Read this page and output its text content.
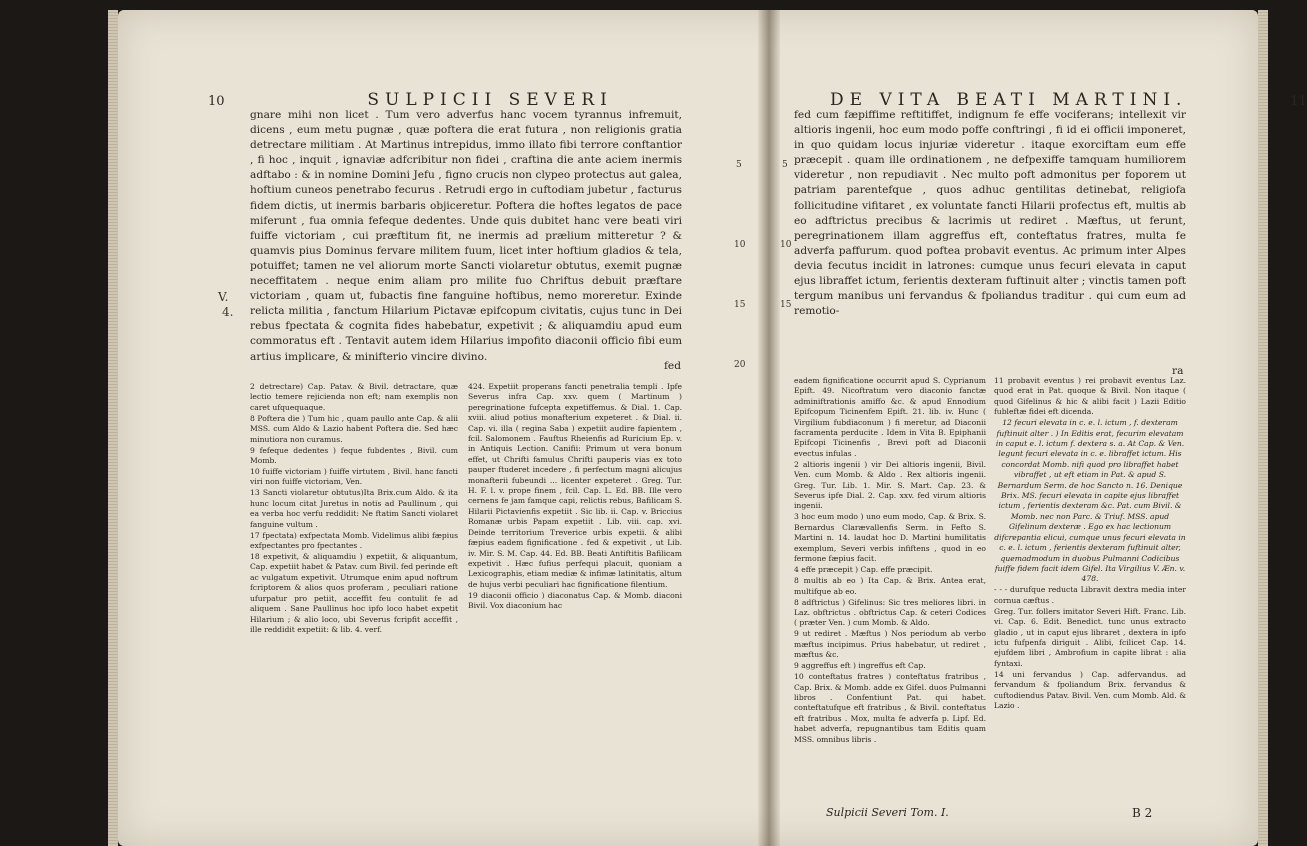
10	SULPICII SEVERI

gnare mihi non licet . Tum vero adverfus hanc vocem tyrannus infremuit, dicens , eum metu pugnæ , quæ poftera die erat futura , non religionis gratia detrectare militiam . At Martinus intrepidus, immo illato fibi terrore conftantior , fi hoc , inquit , ignaviæ adfcribitur non fidei , craftina die ante aciem inermis adftabo : & in nomine Domini Jefu , figno crucis non clypeo protectus aut galea, hoftium cuneos penetrabo fecurus . Retrudi ergo in cuftodiam jubetur , facturus fidem dictis, ut inermis barbaris objiceretur. Poftera die hoftes legatos de pace miferunt , fua omnia fefeque dedentes. Unde quis dubitet hanc vere beati viri fuiffe victoriam , cui præftitum fit, ne inermis ad prælium mitteretur ? & quamvis pius Dominus fervare militem fuum, licet inter hoftium gladios & tela, potuiffet; tamen ne vel aliorum morte Sancti violaretur obtutus, exemit pugnæ neceffitatem . neque enim aliam pro milite fuo Chriftus debuit præftare victoriam , quam ut, fubactis fine fanguine hoftibus, nemo moreretur. Exinde relicta militia , fanctum Hilarium Pictavæ epifcopum civitatis, cujus tunc in Dei rebus fpectata & cognita fides habebatur, expetivit ; & aliquamdiu apud eum commoratus eft . Tentavit autem idem Hilarius impofito diaconii officio fibi eum artius implicare, & minifterio vincire divino.

fed
V.
4.
5
10
15
20

2 detrectare) Cap. Patav. & Bivil. detractare, quæ lectio temere rejicienda non eft; nam exemplis non caret ufquequaque.

8 Poftera die ) Tum hic , quam paullo ante Cap. & alii MSS. cum Aldo & Lazio habent Poftera die. Sed hæc minutiora non curamus.

9 fefeque dedentes ) feque fubdentes , Bivil. cum Momb.

10 fuiffe victoriam ) fuiffe virtutem , Bivil. hanc fancti viri non fuiffe victoriam, Ven.

13 Sancti violaretur obtutus)Ita Brix.cum Aldo. & ita hunc locum citat Juretus in notis ad Paullinum , qui ea verba hoc verfu reddidit: Ne ftatim Sancti violaret fanguine vultum .

17 fpectata) exfpectata Momb. Videlimus alibi fæpius exfpectantes pro fpectantes .

18 expetivit, & aliquamdiu ) expetiit, & aliquantum, Cap. expetiit habet & Patav. cum Bivil. fed perinde eft ac vulgatum expetivit. Utrumque enim apud noftrum fcriptorem & alios quos proferam , peculiari ratione ufurpatur pro petiit, acceffit feu contulit fe ad aliquem . Sane Paullinus hoc ipfo loco habet expetit Hilarium ; & alio loco, ubi Severus fcripfit acceffit , ille reddidit expetiit: & lib. 4. verf.

424. Expetiit properans fancti penetralia templi . Ipfe Severus infra Cap. xxv. quem ( Martinum ) peregrinatione fufcepta expetiffemus. & Dial. 1. Cap. xviii. aliud potius monafterium expeteret . & Dial. ii. Cap. vi. illa ( regina Saba ) expetiit audire fapientem , fcil. Salomonem . Fauftus Rheienfis ad Ruricium Ep. v. in Antiquis Lection. Canifii: Primum ut vera bonum effet, ut Chrifti famulus Chrifti pauperis vias ex toto pauper ftuderet incedere , fi perfectum magni alicujus monafterii fubeundi ... licenter expeteret . Greg. Tur. H. F. l. v. prope finem , fcil. Cap. L. Ed. BB. Ille vero cernens fe jam famque capi, relictis rebus, Bafilicam S. Hilarii Pictavienfis expetiit . Sic lib. ii. Cap. v. Briccius Romanæ urbis Papam expetiit . Lib. viii. cap. xvi. Deinde territorium Treverice urbis expetii. & alibi fæpius eadem fignificatione . fed & expetivit , ut Lib. iv. Mir. S. M. Cap. 44. Ed. BB. Beati Antiftitis Bafilicam expetivit . Hæc fufius perfequi placuit, quoniam a Lexicographis, etiam mediæ & infimæ latinitatis, altum de hujus verbi peculiari hac fignificatione filentium.

19 diaconii officio ) diaconatus Cap. & Momb. diaconi Bivil. Vox diaconium hac

DE VITA BEATI MARTINI.	11

fed cum fæpiffime reftitiffet, indignum fe effe vociferans; intellexit vir altioris ingenii, hoc eum modo poffe conftringi , fi id ei officii imponeret, in quo quidam locus injuriæ videretur . itaque exorciftam eum effe præcepit . quam ille ordinationem , ne defpexiffe tamquam humiliorem videretur , non repudiavit . Nec multo poft admonitus per foporem ut patriam parentefque , quos adhuc gentilitas detinebat, religiofa follicitudine vifitaret , ex voluntate fancti Hilarii profectus eft, multis ab eo adftrictus precibus & lacrimis ut rediret . Mæftus, ut ferunt, peregrinationem illam aggreffus eft, conteftatus fratres, multa fe adverfa paffurum. quod poftea probavit eventus. Ac primum inter Alpes devia fecutus incidit in latrones: cumque unus fecuri elevata in caput ejus libraffet ictum, ferientis dexteram fuftinuit alter ; vinctis tamen poft tergum manibus uni fervandus & fpoliandus traditur . qui cum eum ad remotio-

ra
5
10
15

eadem fignificatione occurrit apud S. Cyprianum Epift. 49. Nicoftratum vero diaconio fanctæ adminiftrationis amiffo &c. & apud Ennodium Epifcopum Ticinenfem Epift. 21. lib. iv. Hunc ( Virgilium fubdiaconum ) fi meretur, ad Diaconii facramenta perducite . Idem in Vita B. Epiphanii Epifcopi Ticinenfis , Brevi poft ad Diaconii evectus infulas .

2 altioris ingenii ) vir Dei altioris ingenii, Bivil. Ven. cum Momb. & Aldo . Rex altioris ingenii. Greg. Tur. Lib. 1. Mir. S. Mart. Cap. 23. & Severus ipfe Dial. 2. Cap. xxv. fed virum altioris ingenii.

3 hoc eum modo ) uno eum modo, Cap. & Brix. S. Bernardus Clarævallenfis Serm. in Fefto S. Martini n. 14. laudat hoc D. Martini humilitatis exemplum, Severi verbis infiftens , quod in eo fermone fæpius facit.

4 effe præcepit ) Cap. effe præcipit.

8 multis ab eo ) Ita Cap. & Brix. Antea erat, multifque ab eo.

8 adftrictus ) Gifelinus: Sic tres meliores libri. in Laz. obftrictus . obftrictus Cap. & ceteri Codices ( præter Ven. ) cum Momb. & Aldo.

9 ut rediret . Mæftus ) Nos periodum ab verbo mæftus incipimus. Prius habebatur, ut rediret , mæftus &c.

9 aggreffus eft ) ingreffus eft Cap.

10 conteftatus fratres ) conteftatus fratribus , Cap. Brix. & Momb. adde ex Gifel. duos Pulmanni libros . Confentiunt Pat. qui habet. conteftatufque eft fratribus , & Bivil. conteftatus eft fratribus . Mox, multa fe adverfa p. Lipf. Ed. habet adverfa, repugnantibus tam Editis quam MSS. omnibus libris .

11 probavit eventus ) rei probavit eventus Laz. quod erat in Pat. quoque & Bivil. Non itaque ( quod Gifelinus & hic & alibi facit ) Lazii Editio fubleftæ fidei eft dicenda.

12 fecuri elevata in c. e. l. ictum , f. dexteram fuftinuit alter . ) In Editis erat, fecurim elevatam in caput e. l. ictum f. dextera s. a. At Cap. & Ven. legunt fecuri elevata in c. e. libraffet ictum. His concordat Momb. nifi quod pro libraffet habet vibraffet , ut eft etiam in Pat. & apud S. Bernardum Serm. de hoc Sancto n. 16. Denique Brix. MS. fecuri elevata in capite ejus libraffet ictum , ferientis dexteram &c. Pat. cum Bivil. & Momb. nec non Parc. & Triuf. MSS. apud Gifelinum dexteræ . Ego ex hac lectionum difcrepantia elicui, cumque unus fecuri elevata in c. e. l. ictum , ferientis dexteram fuftinuit alter, quemadmodum in duobus Pulmanni Codicibus fuiffe fidem facit idem Gifel. Ita Virgilius V. Æn. v. 478.

- - - durufque reducta Libravit dextra media inter cornua cæftus .

Greg. Tur. follers imitator Severi Hift. Franc. Lib. vi. Cap. 6. Edit. Benedict. tunc unus extracto gladio , ut in caput ejus libraret , dextera in ipfo ictu fufpenfa diriguit . Alibi, fcilicet Cap. 14. ejufdem libri , Ambrofium in capite librat : alia fyntaxi.

14 uni fervandus ) Cap. adfervandus. ad fervandum & fpoliandum Brix. fervandus & cuftodiendus Patav. Bivil. Ven. cum Momb. Ald. & Lazio .

Sulpicii Severi Tom. I.	B 2
